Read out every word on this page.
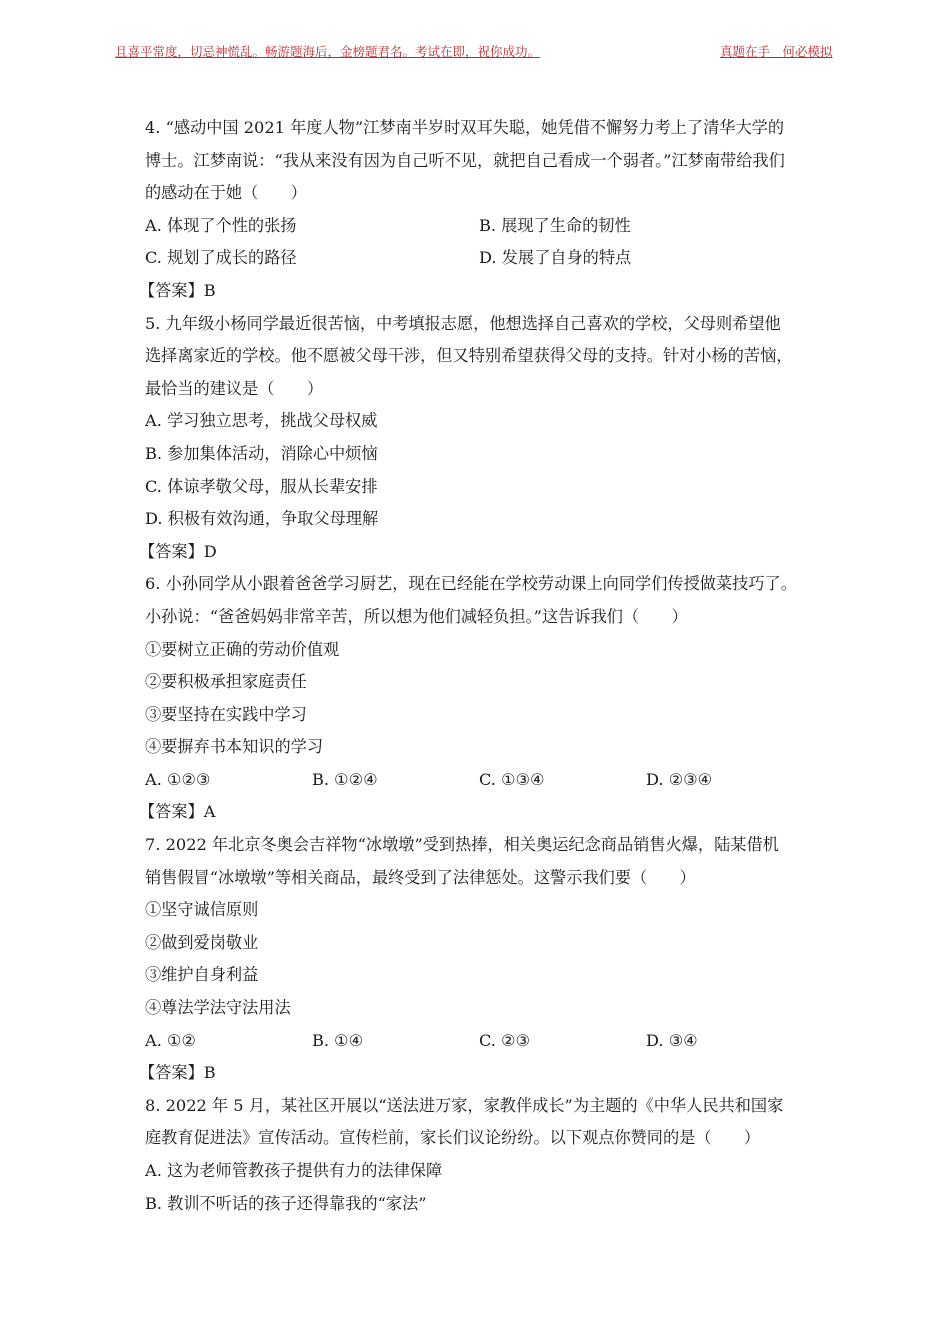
且喜平常度，切忌神慌乱。畅游题海后，金榜题君名。考试在即，祝你成功。	真题在手　何必模拟
4. “感动中国 2021 年度人物”江梦南半岁时双耳失聪，她凭借不懈努力考上了清华大学的
博士。江梦南说：“我从来没有因为自己听不见，就把自己看成一个弱者。”江梦南带给我们
的感动在于她（　　）
A. 体现了个性的张扬	B. 展现了生命的韧性
C. 规划了成长的路径	D. 发展了自身的特点
【答案】B
5. 九年级小杨同学最近很苦恼，中考填报志愿，他想选择自己喜欢的学校，父母则希望他
选择离家近的学校。他不愿被父母干涉，但又特别希望获得父母的支持。针对小杨的苦恼，
最恰当的建议是（　　）
A. 学习独立思考，挑战父母权威
B. 参加集体活动，消除心中烦恼
C. 体谅孝敬父母，服从长辈安排
D. 积极有效沟通，争取父母理解
【答案】D
6. 小孙同学从小跟着爸爸学习厨艺，现在已经能在学校劳动课上向同学们传授做菜技巧了。
小孙说：“爸爸妈妈非常辛苦，所以想为他们减轻负担。”这告诉我们（　　）
①要树立正确的劳动价值观
②要积极承担家庭责任
③要坚持在实践中学习
④要摒弃书本知识的学习
A. ①②③	B. ①②④	C. ①③④	D. ②③④
【答案】A
7. 2022 年北京冬奥会吉祥物“冰墩墩”受到热捧，相关奥运纪念商品销售火爆，陆某借机
销售假冒“冰墩墩”等相关商品，最终受到了法律惩处。这警示我们要（　　）
①坚守诚信原则
②做到爱岗敬业
③维护自身利益
④尊法学法守法用法
A. ①②	B. ①④	C. ②③	D. ③④
【答案】B
8. 2022 年 5 月，某社区开展以“送法进万家，家教伴成长”为主题的《中华人民共和国家
庭教育促进法》宣传活动。宣传栏前，家长们议论纷纷。以下观点你赞同的是（　　）
A. 这为老师管教孩子提供有力的法律保障
B. 教训不听话的孩子还得靠我的“家法”
